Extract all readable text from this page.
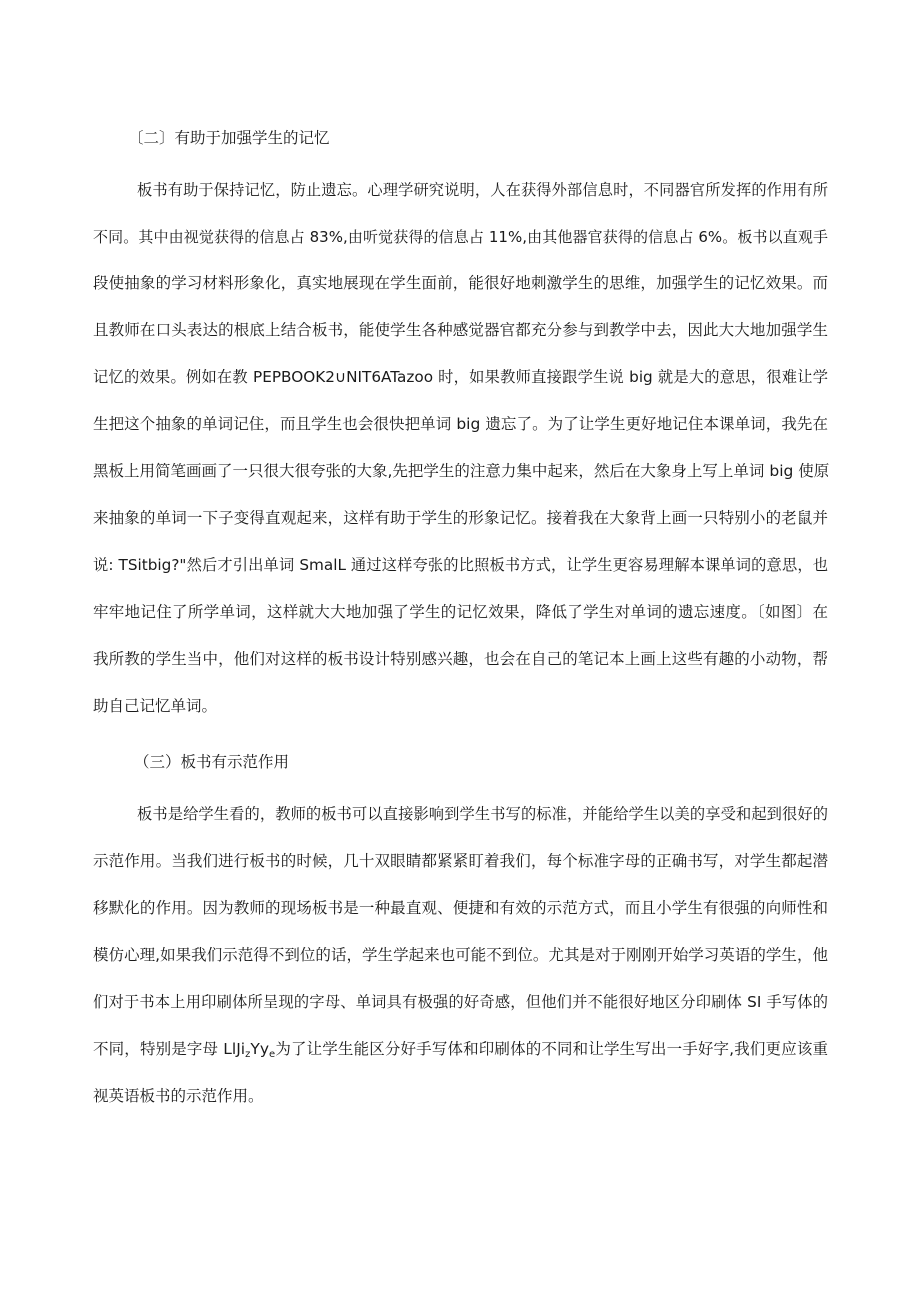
〔二〕有助于加强学生的记忆
板书有助于保持记忆，防止遗忘。心理学研究说明，人在获得外部信息时，不同器官所发挥的作用有所
不同。其中由视觉获得的信息占 83%,由听觉获得的信息占 11%,由其他器官获得的信息占 6%。板书以直观手
段使抽象的学习材料形象化，真实地展现在学生面前，能很好地刺激学生的思维，加强学生的记忆效果。而
且教师在口头表达的根底上结合板书，能使学生各种感觉器官都充分参与到教学中去，因此大大地加强学生
记忆的效果。例如在教 PEPBOOK2∪NIT6ATazoo 时，如果教师直接跟学生说 big 就是大的意思，很难让学
生把这个抽象的单词记住，而且学生也会很快把单词 big 遗忘了。为了让学生更好地记住本课单词，我先在
黑板上用简笔画画了一只很大很夸张的大象,先把学生的注意力集中起来，然后在大象身上写上单词 big 使原
来抽象的单词一下子变得直观起来，这样有助于学生的形象记忆。接着我在大象背上画一只特别小的老鼠并
说: TSitbig?"然后才引出单词 SmalL 通过这样夸张的比照板书方式，让学生更容易理解本课单词的意思，也
牢牢地记住了所学单词，这样就大大地加强了学生的记忆效果，降低了学生对单词的遗忘速度。〔如图〕在
我所教的学生当中，他们对这样的板书设计特别感兴趣，也会在自己的笔记本上画上这些有趣的小动物，帮
助自己记忆单词。
（三）板书有示范作用
板书是给学生看的，教师的板书可以直接影响到学生书写的标准，并能给学生以美的享受和起到很好的
示范作用。当我们进行板书的时候，几十双眼睛都紧紧盯着我们，每个标准字母的正确书写，对学生都起潜
移默化的作用。因为教师的现场板书是一种最直观、便捷和有效的示范方式，而且小学生有很强的向师性和
模仿心理,如果我们示范得不到位的话，学生学起来也可能不到位。尤其是对于刚刚开始学习英语的学生，他
们对于书本上用印刷体所呈现的字母、单词具有极强的好奇感，但他们并不能很好地区分印刷体 SI 手写体的
不同，特别是字母 $LlJi_zYy_e$为了让学生能区分好手写体和印刷体的不同和让学生写出一手好字,我们更应该重
视英语板书的示范作用。
